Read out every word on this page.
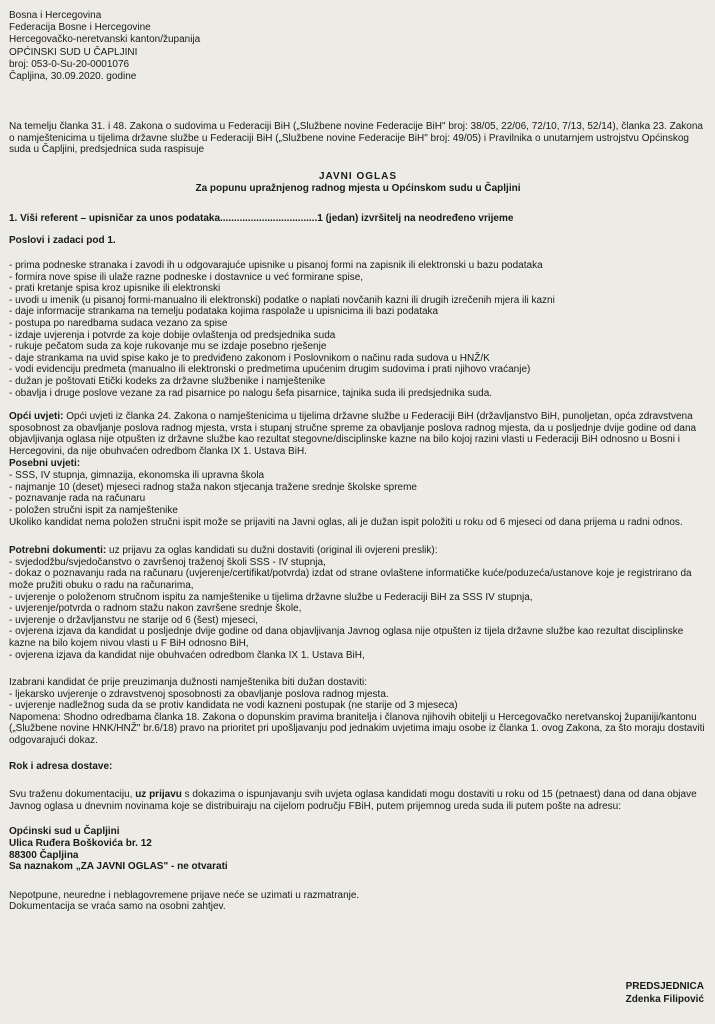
Bosna i Hercegovina
Federacija Bosne i Hercegovine
Hercegovačko-neretvanski kanton/županija
OPĆINSKI SUD U ČAPLJINI
broj: 053-0-Su-20-0001076
Čapljina, 30.09.2020. godine
Na temelju članka 31. i 48. Zakona o sudovima u Federaciji BiH („Službene novine Federacije BiH" broj: 38/05, 22/06, 72/10, 7/13, 52/14), članka 23. Zakona o namještenicima u tijelima državne službe u Federaciji BiH („Službene novine Federacije BiH" broj: 49/05) i Pravilnika o unutarnjem ustrojstvu Općinskog suda u Čapljini, predsjednica suda raspisuje
JAVNI OGLAS
Za popunu upražnjenog radnog mjesta u Općinskom sudu u Čapljini
1. Viši referent – upisničar za unos podataka...................................1 (jedan) izvršitelj na neodređeno vrijeme
Poslovi i zadaci pod 1.
- prima podneske stranaka i zavodi ih u odgovarajuće upisnike u pisanoj formi na zapisnik ili elektronski u bazu podataka
- formira nove spise ili ulaže razne podneske i dostavnice u već formirane spise,
- prati kretanje spisa kroz upisnike ili elektronski
- uvodi u imenik (u pisanoj formi-manualno ili elektronski) podatke o naplati novčanih kazni ili drugih izrečenih mjera ili kazni
- daje informacije strankama na temelju podataka kojima raspolaže u upisnicima ili bazi podataka
- postupa po naredbama sudaca vezano za spise
- izdaje uvjerenja i potvrde za koje dobije ovlaštenja od predsjednika suda
- rukuje pečatom suda za koje rukovanje mu se izdaje posebno rješenje
- daje strankama na uvid spise kako je to predviđeno zakonom i Poslovnikom o načinu rada sudova u HNŽ/K
- vodi evidenciju predmeta (manualno ili elektronski o predmetima upućenim drugim sudovima i prati njihovo vraćanje)
- dužan je poštovati Etički kodeks za državne službenike i namještenike
- obavlja i druge poslove vezane za rad pisarnice po nalogu šefa pisarnice, tajnika suda ili predsjednika suda.
Opći uvjeti: Opći uvjeti iz članka 24. Zakona o namještenicima u tijelima državne službe u Federaciji BiH (državljanstvo BiH, punoljetan, opća zdravstvena sposobnost za obavljanje poslova radnog mjesta, vrsta i stupanj stručne spreme za obavljanje poslova radnog mjesta, da u posljednje dvije godine od dana objavljivanja oglasa nije otpušten iz državne službe kao rezultat stegovne/disciplinske kazne na bilo kojoj razini vlasti u Federaciji BiH odnosno u Bosni i Hercegovini, da nije obuhvaćen odredbom članka IX 1. Ustava BiH.
Posebni uvjeti:
- SSS, IV stupnja, gimnazija, ekonomska ili upravna škola
- najmanje 10 (deset) mjeseci radnog staža nakon stjecanja tražene srednje školske spreme
- poznavanje rada na računaru
- položen stručni ispit za namještenike
Ukoliko kandidat nema položen stručni ispit može se prijaviti na Javni oglas, ali je dužan ispit položiti u roku od 6 mjeseci od dana prijema u radni odnos.
Potrebni dokumenti: uz prijavu za oglas kandidati su dužni dostaviti (original ili ovjereni preslik):
- svjedodžbu/svjedočanstvo o završenoj traženoj školi SSS - IV stupnja,
- dokaz o poznavanju rada na računaru (uvjerenje/certifikat/potvrda) izdat od strane ovlaštene informatičke kuće/poduzeća/ustanove koje je registrirano da može pružiti obuku o radu na računarima,
- uvjerenje o položenom stručnom ispitu za namještenike u tijelima državne službe u Federaciji BiH za SSS IV stupnja,
- uvjerenje/potvrda o radnom stažu nakon završene srednje škole,
- uvjerenje o državljanstvu ne starije od 6 (šest) mjeseci,
- ovjerena izjava da kandidat u posljednje dvije godine od dana objavljivanja Javnog oglasa nije otpušten iz tijela državne službe kao rezultat disciplinske kazne na bilo kojem nivou vlasti u F BiH odnosno BiH,
- ovjerena izjava da kandidat nije obuhvaćen odredbom članka IX 1. Ustava BiH,
Izabrani kandidat će prije preuzimanja dužnosti namještenika biti dužan dostaviti:
- ljekarsko uvjerenje o zdravstvenoj sposobnosti za obavljanje poslova radnog mjesta.
- uvjerenje nadležnog suda da se protiv kandidata ne vodi kazneni postupak (ne starije od 3 mjeseca)
Napomena: Shodno odredbama članka 18. Zakona o dopunskim pravima branitelja i članova njihovih obitelji u Hercegovačko neretvanskoj županiji/kantonu („Službene novine HNK/HNŽ" br.6/18) pravo na prioritet pri upošljavanju pod jednakim uvjetima imaju osobe iz članka 1. ovog Zakona, za što moraju dostaviti odgovarajući dokaz.
Rok i adresa dostave:
Svu traženu dokumentaciju, uz prijavu s dokazima o ispunjavanju svih uvjeta oglasa kandidati mogu dostaviti u roku od 15 (petnaest) dana od dana objave Javnog oglasa u dnevnim novinama koje se distribuiraju na cijelom području FBiH, putem prijemnog ureda suda ili putem pošte na adresu:
Općinski sud u Čapljini
Ulica Ruđera Boškovića br. 12
88300 Čapljina
Sa naznakom „ZA JAVNI OGLAS" - ne otvarati
Nepotpune, neuredne i neblagovremene prijave neće se uzimati u razmatranje.
Dokumentacija se vraća samo na osobni zahtjev.
PREDSJEDNICA
Zdenka Filipović
